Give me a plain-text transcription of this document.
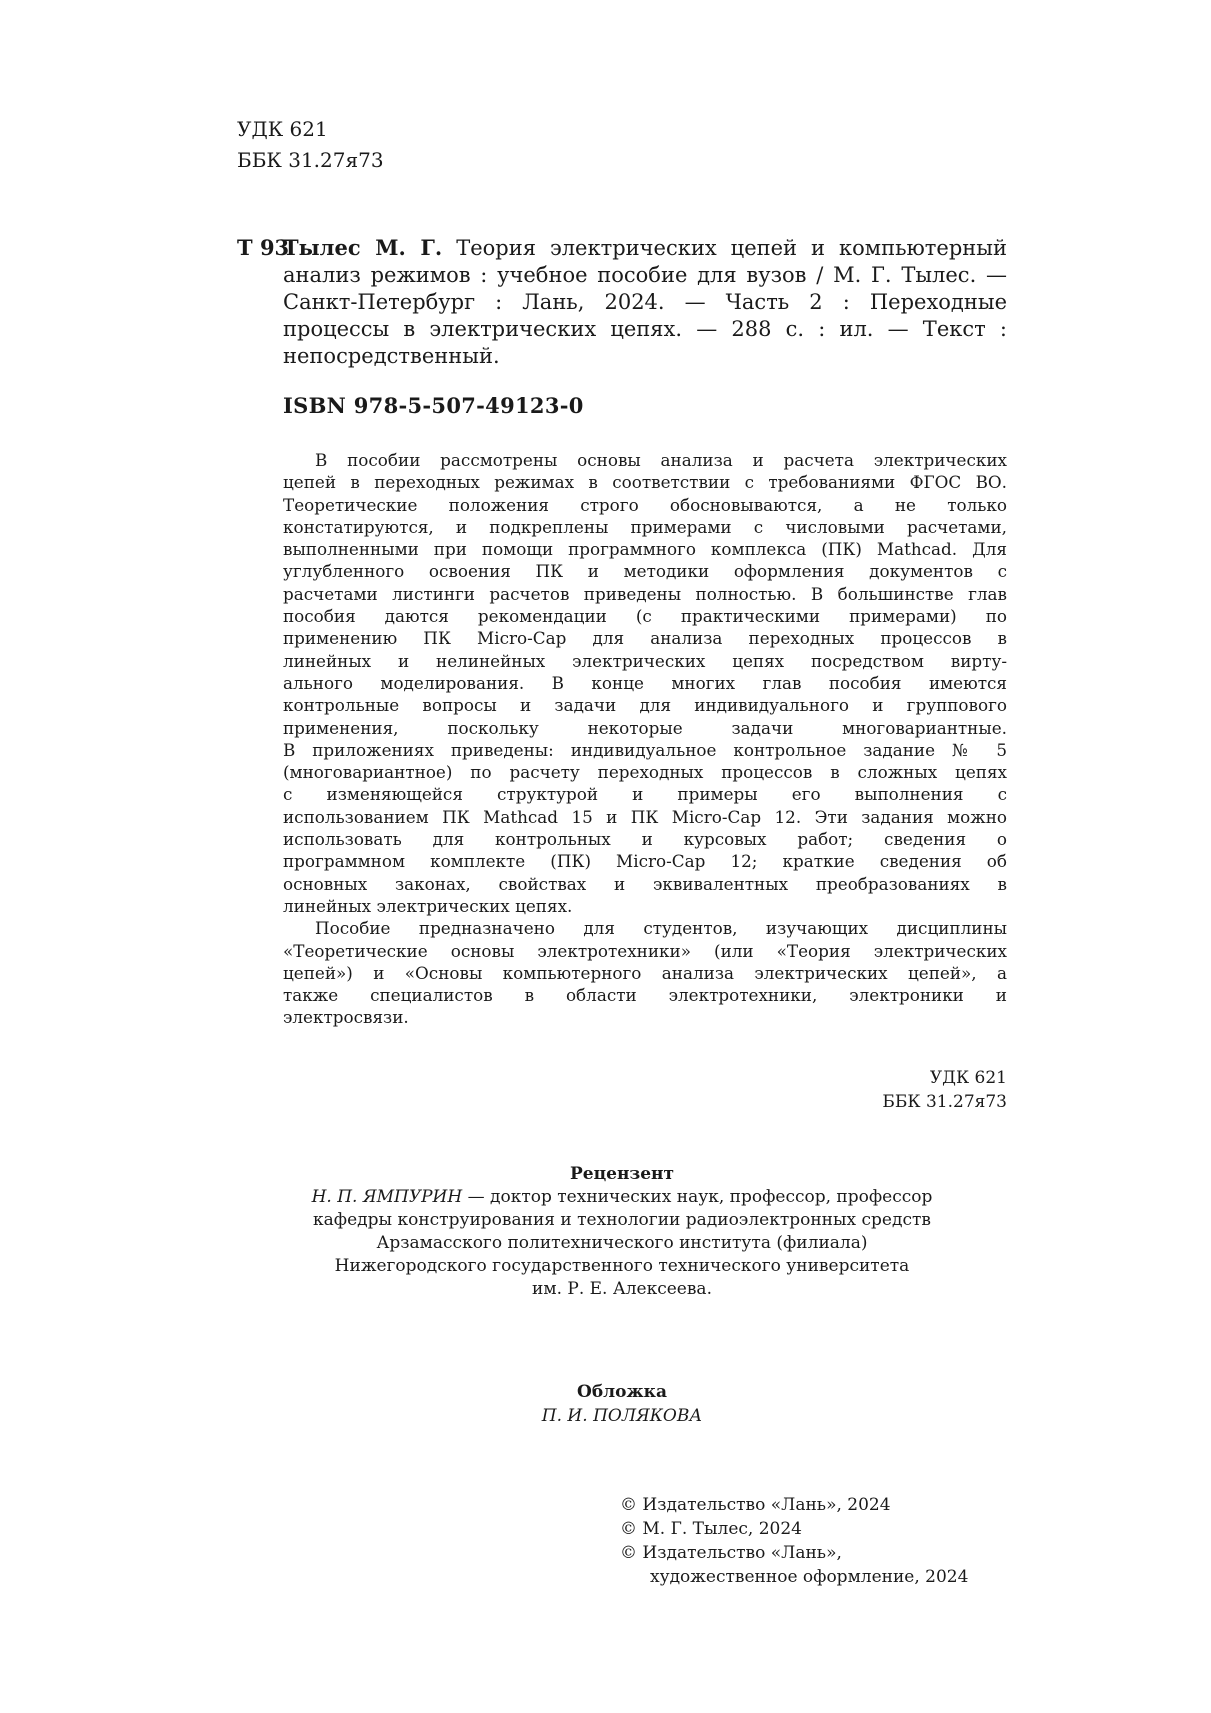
УДК 621
ББК 31.27я73
Т 93
Тылес М. Г. Теория электрических цепей и компьютерный
анализ режимов : учебное пособие для вузов / М. Г. Тылес. —
Санкт-Петербург : Лань, 2024. — Часть 2 : Переходные
процессы в электрических цепях. — 288 с. : ил. — Текст :
непосредственный.
ISBN 978-5-507-49123-0
В пособии рассмотрены основы анализа и расчета электрических
цепей в переходных режимах в соответствии с требованиями ФГОС ВО.
Теоретические положения строго обосновываются, а не только
констатируются, и подкреплены примерами с числовыми расчетами,
выполненными при помощи программного комплекса (ПК) Mathcad. Для
углубленного освоения ПК и методики оформления документов с
расчетами листинги расчетов приведены полностью. В большинстве глав
пособия даются рекомендации (с практическими примерами) по
применению ПК Micro-Cap для анализа переходных процессов в
линейных и нелинейных электрических цепях посредством вирту-
ального моделирования. В конце многих глав пособия имеются
контрольные вопросы и задачи для индивидуального и группового
применения, поскольку некоторые задачи многовариантные.
В приложениях приведены: индивидуальное контрольное задание № 5
(многовариантное) по расчету переходных процессов в сложных цепях
с изменяющейся структурой и примеры его выполнения с
использованием ПК Mathcad 15 и ПК Micro-Cap 12. Эти задания можно
использовать для контрольных и курсовых работ; сведения о
программном комплекте (ПК) Micro-Cap 12; краткие сведения об
основных законах, свойствах и эквивалентных преобразованиях в
линейных электрических цепях.
Пособие предназначено для студентов, изучающих дисциплины
«Теоретические основы электротехники» (или «Теория электрических
цепей») и «Основы компьютерного анализа электрических цепей», а
также специалистов в области электротехники, электроники и
электросвязи.
УДК 621
ББК 31.27я73
Рецензент
Н. П. ЯМПУРИН — доктор технических наук, профессор, профессор
кафедры конструирования и технологии радиоэлектронных средств
Арзамасского политехнического института (филиала)
Нижегородского государственного технического университета
им. Р. Е. Алексеева.
Обложка
П. И. ПОЛЯКОВА
© Издательство «Лань», 2024
© М. Г. Тылес, 2024
© Издательство «Лань»,
художественное оформление, 2024
